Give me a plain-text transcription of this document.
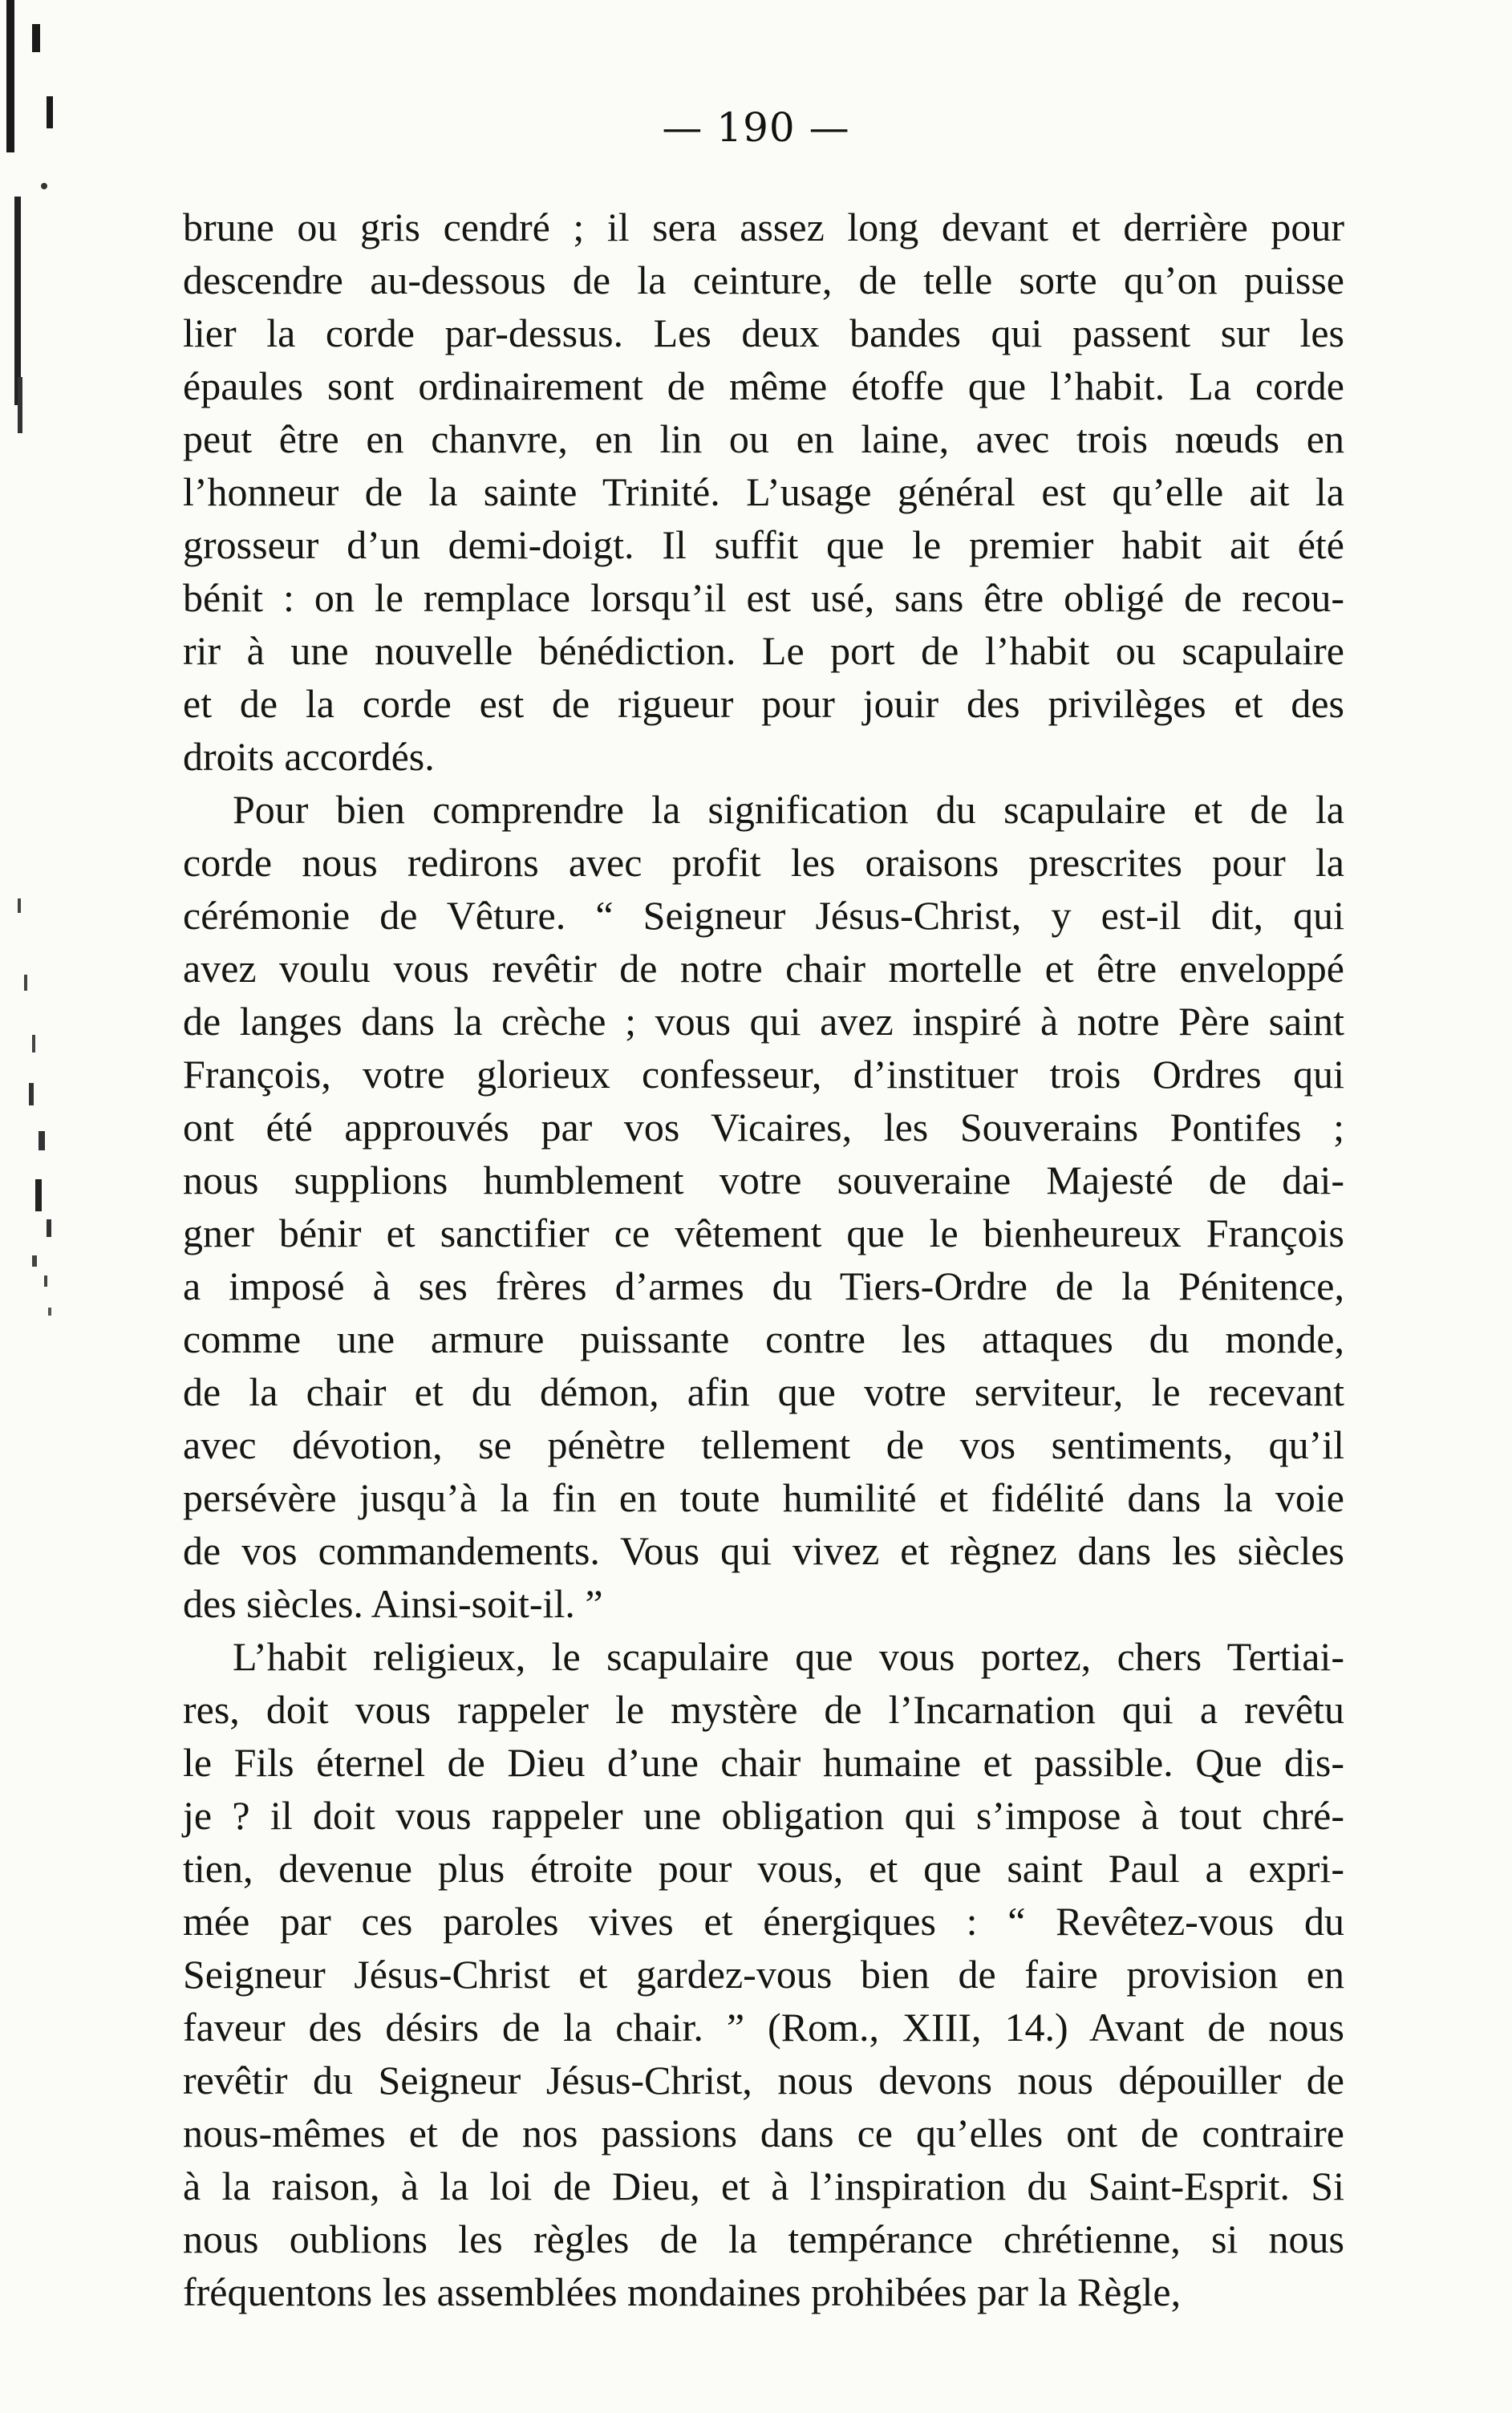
— 190 —
brune ou gris cendré ; il sera assez long devant et derrière pour
descendre au-dessous de la ceinture, de telle sorte qu’on puisse
lier la corde par-dessus. Les deux bandes qui passent sur les
épaules sont ordinairement de même étoffe que l’habit. La corde
peut être en chanvre, en lin ou en laine, avec trois nœuds en
l’honneur de la sainte Trinité. L’usage général est qu’elle ait la
grosseur d’un demi-doigt. Il suffit que le premier habit ait été
bénit : on le remplace lorsqu’il est usé, sans être obligé de recou-
rir à une nouvelle bénédiction. Le port de l’habit ou scapulaire
et de la corde est de rigueur pour jouir des privilèges et des
droits accordés.
Pour bien comprendre la signification du scapulaire et de la
corde nous redirons avec profit les oraisons prescrites pour la
cérémonie de Vêture. “ Seigneur Jésus-Christ, y est-il dit, qui
avez voulu vous revêtir de notre chair mortelle et être enveloppé
de langes dans la crèche ; vous qui avez inspiré à notre Père saint
François, votre glorieux confesseur, d’instituer trois Ordres qui
ont été approuvés par vos Vicaires, les Souverains Pontifes ;
nous supplions humblement votre souveraine Majesté de dai-
gner bénir et sanctifier ce vêtement que le bienheureux François
a imposé à ses frères d’armes du Tiers-Ordre de la Pénitence,
comme une armure puissante contre les attaques du monde,
de la chair et du démon, afin que votre serviteur, le recevant
avec dévotion, se pénètre tellement de vos sentiments, qu’il
persévère jusqu’à la fin en toute humilité et fidélité dans la voie
de vos commandements. Vous qui vivez et règnez dans les siècles
des siècles. Ainsi-soit-il. ”
L’habit religieux, le scapulaire que vous portez, chers Tertiai-
res, doit vous rappeler le mystère de l’Incarnation qui a revêtu
le Fils éternel de Dieu d’une chair humaine et passible. Que dis-
je ? il doit vous rappeler une obligation qui s’impose à tout chré-
tien, devenue plus étroite pour vous, et que saint Paul a expri-
mée par ces paroles vives et énergiques : “ Revêtez-vous du
Seigneur Jésus-Christ et gardez-vous bien de faire provision en
faveur des désirs de la chair. ” (Rom., XIII, 14.) Avant de nous
revêtir du Seigneur Jésus-Christ, nous devons nous dépouiller de
nous-mêmes et de nos passions dans ce qu’elles ont de contraire
à la raison, à la loi de Dieu, et à l’inspiration du Saint-Esprit. Si
nous oublions les règles de la tempérance chrétienne, si nous
fréquentons les assemblées mondaines prohibées par la Règle,
